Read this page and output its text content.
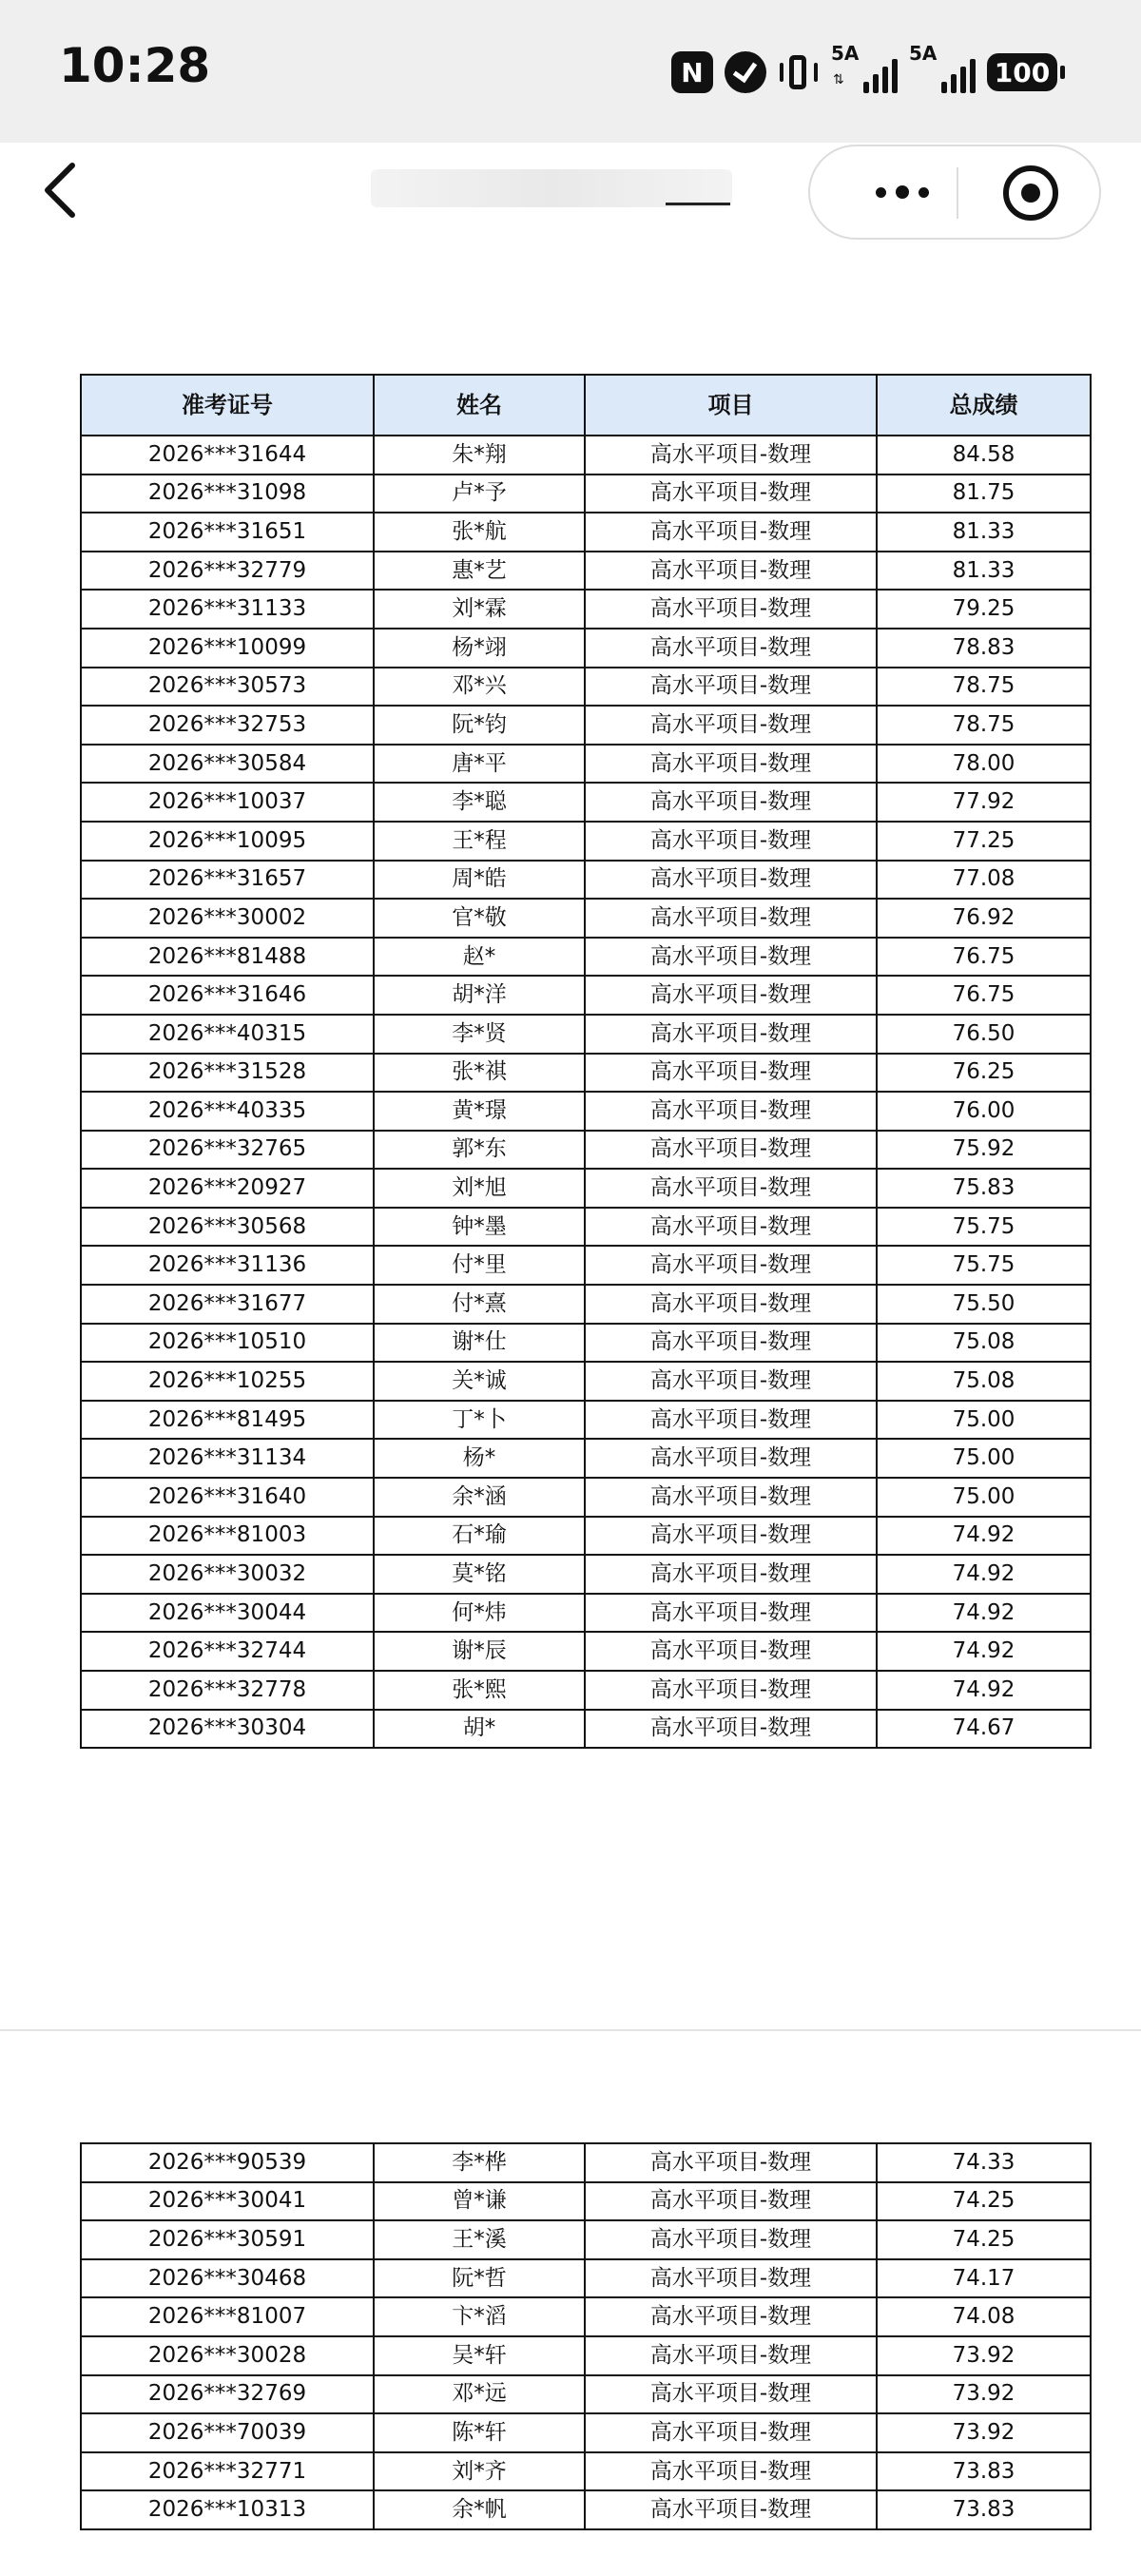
10:28	N
5A
⇅
5A
100
准考证号	姓名	项目	总成绩
2026***31644	朱*翔	高水平项目-数理	84.58
2026***31098	卢*予	高水平项目-数理	81.75
2026***31651	张*航	高水平项目-数理	81.33
2026***32779	惠*艺	高水平项目-数理	81.33
2026***31133	刘*霖	高水平项目-数理	79.25
2026***10099	杨*翊	高水平项目-数理	78.83
2026***30573	邓*兴	高水平项目-数理	78.75
2026***32753	阮*钧	高水平项目-数理	78.75
2026***30584	唐*平	高水平项目-数理	78.00
2026***10037	李*聪	高水平项目-数理	77.92
2026***10095	王*程	高水平项目-数理	77.25
2026***31657	周*皓	高水平项目-数理	77.08
2026***30002	官*敬	高水平项目-数理	76.92
2026***81488	赵*	高水平项目-数理	76.75
2026***31646	胡*洋	高水平项目-数理	76.75
2026***40315	李*贤	高水平项目-数理	76.50
2026***31528	张*祺	高水平项目-数理	76.25
2026***40335	黄*璟	高水平项目-数理	76.00
2026***32765	郭*东	高水平项目-数理	75.92
2026***20927	刘*旭	高水平项目-数理	75.83
2026***30568	钟*墨	高水平项目-数理	75.75
2026***31136	付*里	高水平项目-数理	75.75
2026***31677	付*熹	高水平项目-数理	75.50
2026***10510	谢*仕	高水平项目-数理	75.08
2026***10255	关*诚	高水平项目-数理	75.08
2026***81495	丁*卜	高水平项目-数理	75.00
2026***31134	杨*	高水平项目-数理	75.00
2026***31640	余*涵	高水平项目-数理	75.00
2026***81003	石*瑜	高水平项目-数理	74.92
2026***30032	莫*铭	高水平项目-数理	74.92
2026***30044	何*炜	高水平项目-数理	74.92
2026***32744	谢*辰	高水平项目-数理	74.92
2026***32778	张*熙	高水平项目-数理	74.92
2026***30304	胡*	高水平项目-数理	74.67
2026***90539	李*桦	高水平项目-数理	74.33
2026***30041	曾*谦	高水平项目-数理	74.25
2026***30591	王*溪	高水平项目-数理	74.25
2026***30468	阮*哲	高水平项目-数理	74.17
2026***81007	卞*滔	高水平项目-数理	74.08
2026***30028	吴*轩	高水平项目-数理	73.92
2026***32769	邓*远	高水平项目-数理	73.92
2026***70039	陈*轩	高水平项目-数理	73.92
2026***32771	刘*齐	高水平项目-数理	73.83
2026***10313	余*帆	高水平项目-数理	73.83
